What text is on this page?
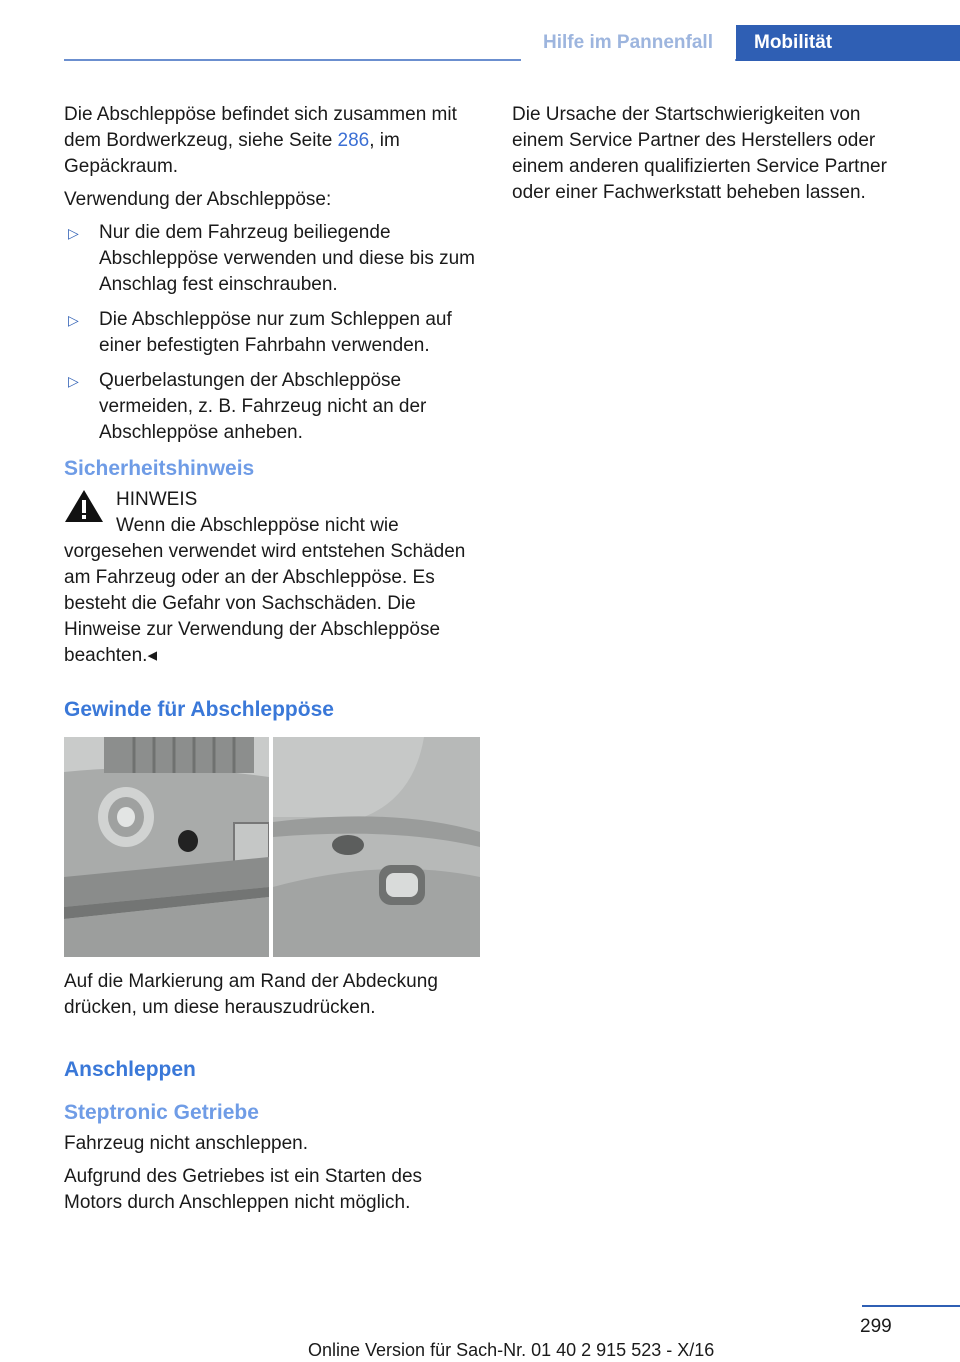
Hilfe im Pannenfall	Mobilität

Die Abschleppöse befindet sich zusammen mit dem Bordwerkzeug, siehe Seite 286, im Gepäckraum.

Verwendung der Abschleppöse:

▷ Nur die dem Fahrzeug beiliegende Abschleppöse verwenden und diese bis zum Anschlag fest einschrauben.
▷ Die Abschleppöse nur zum Schleppen auf einer befestigten Fahrbahn verwenden.
▷ Querbelastungen der Abschleppöse vermeiden, z. B. Fahrzeug nicht an der Abschleppöse anheben.
Sicherheitshinweis

HINWEIS

Wenn die Abschleppöse nicht wie vorgesehen verwendet wird entstehen Schäden am Fahrzeug oder an der Abschleppöse. Es besteht die Gefahr von Sachschäden. Die Hinweise zur Verwendung der Abschleppöse beachten.◂

Gewinde für Abschleppöse

Auf die Markierung am Rand der Abdeckung drücken, um diese herauszudrücken.

Anschleppen
Steptronic Getriebe

Fahrzeug nicht anschleppen.

Aufgrund des Getriebes ist ein Starten des Motors durch Anschleppen nicht möglich.

Die Ursache der Startschwierigkeiten von einem Service Partner des Herstellers oder einem anderen qualifizierten Service Partner oder einer Fachwerkstatt beheben lassen.

299
Online Version für Sach-Nr. 01 40 2 915 523 - X/16
